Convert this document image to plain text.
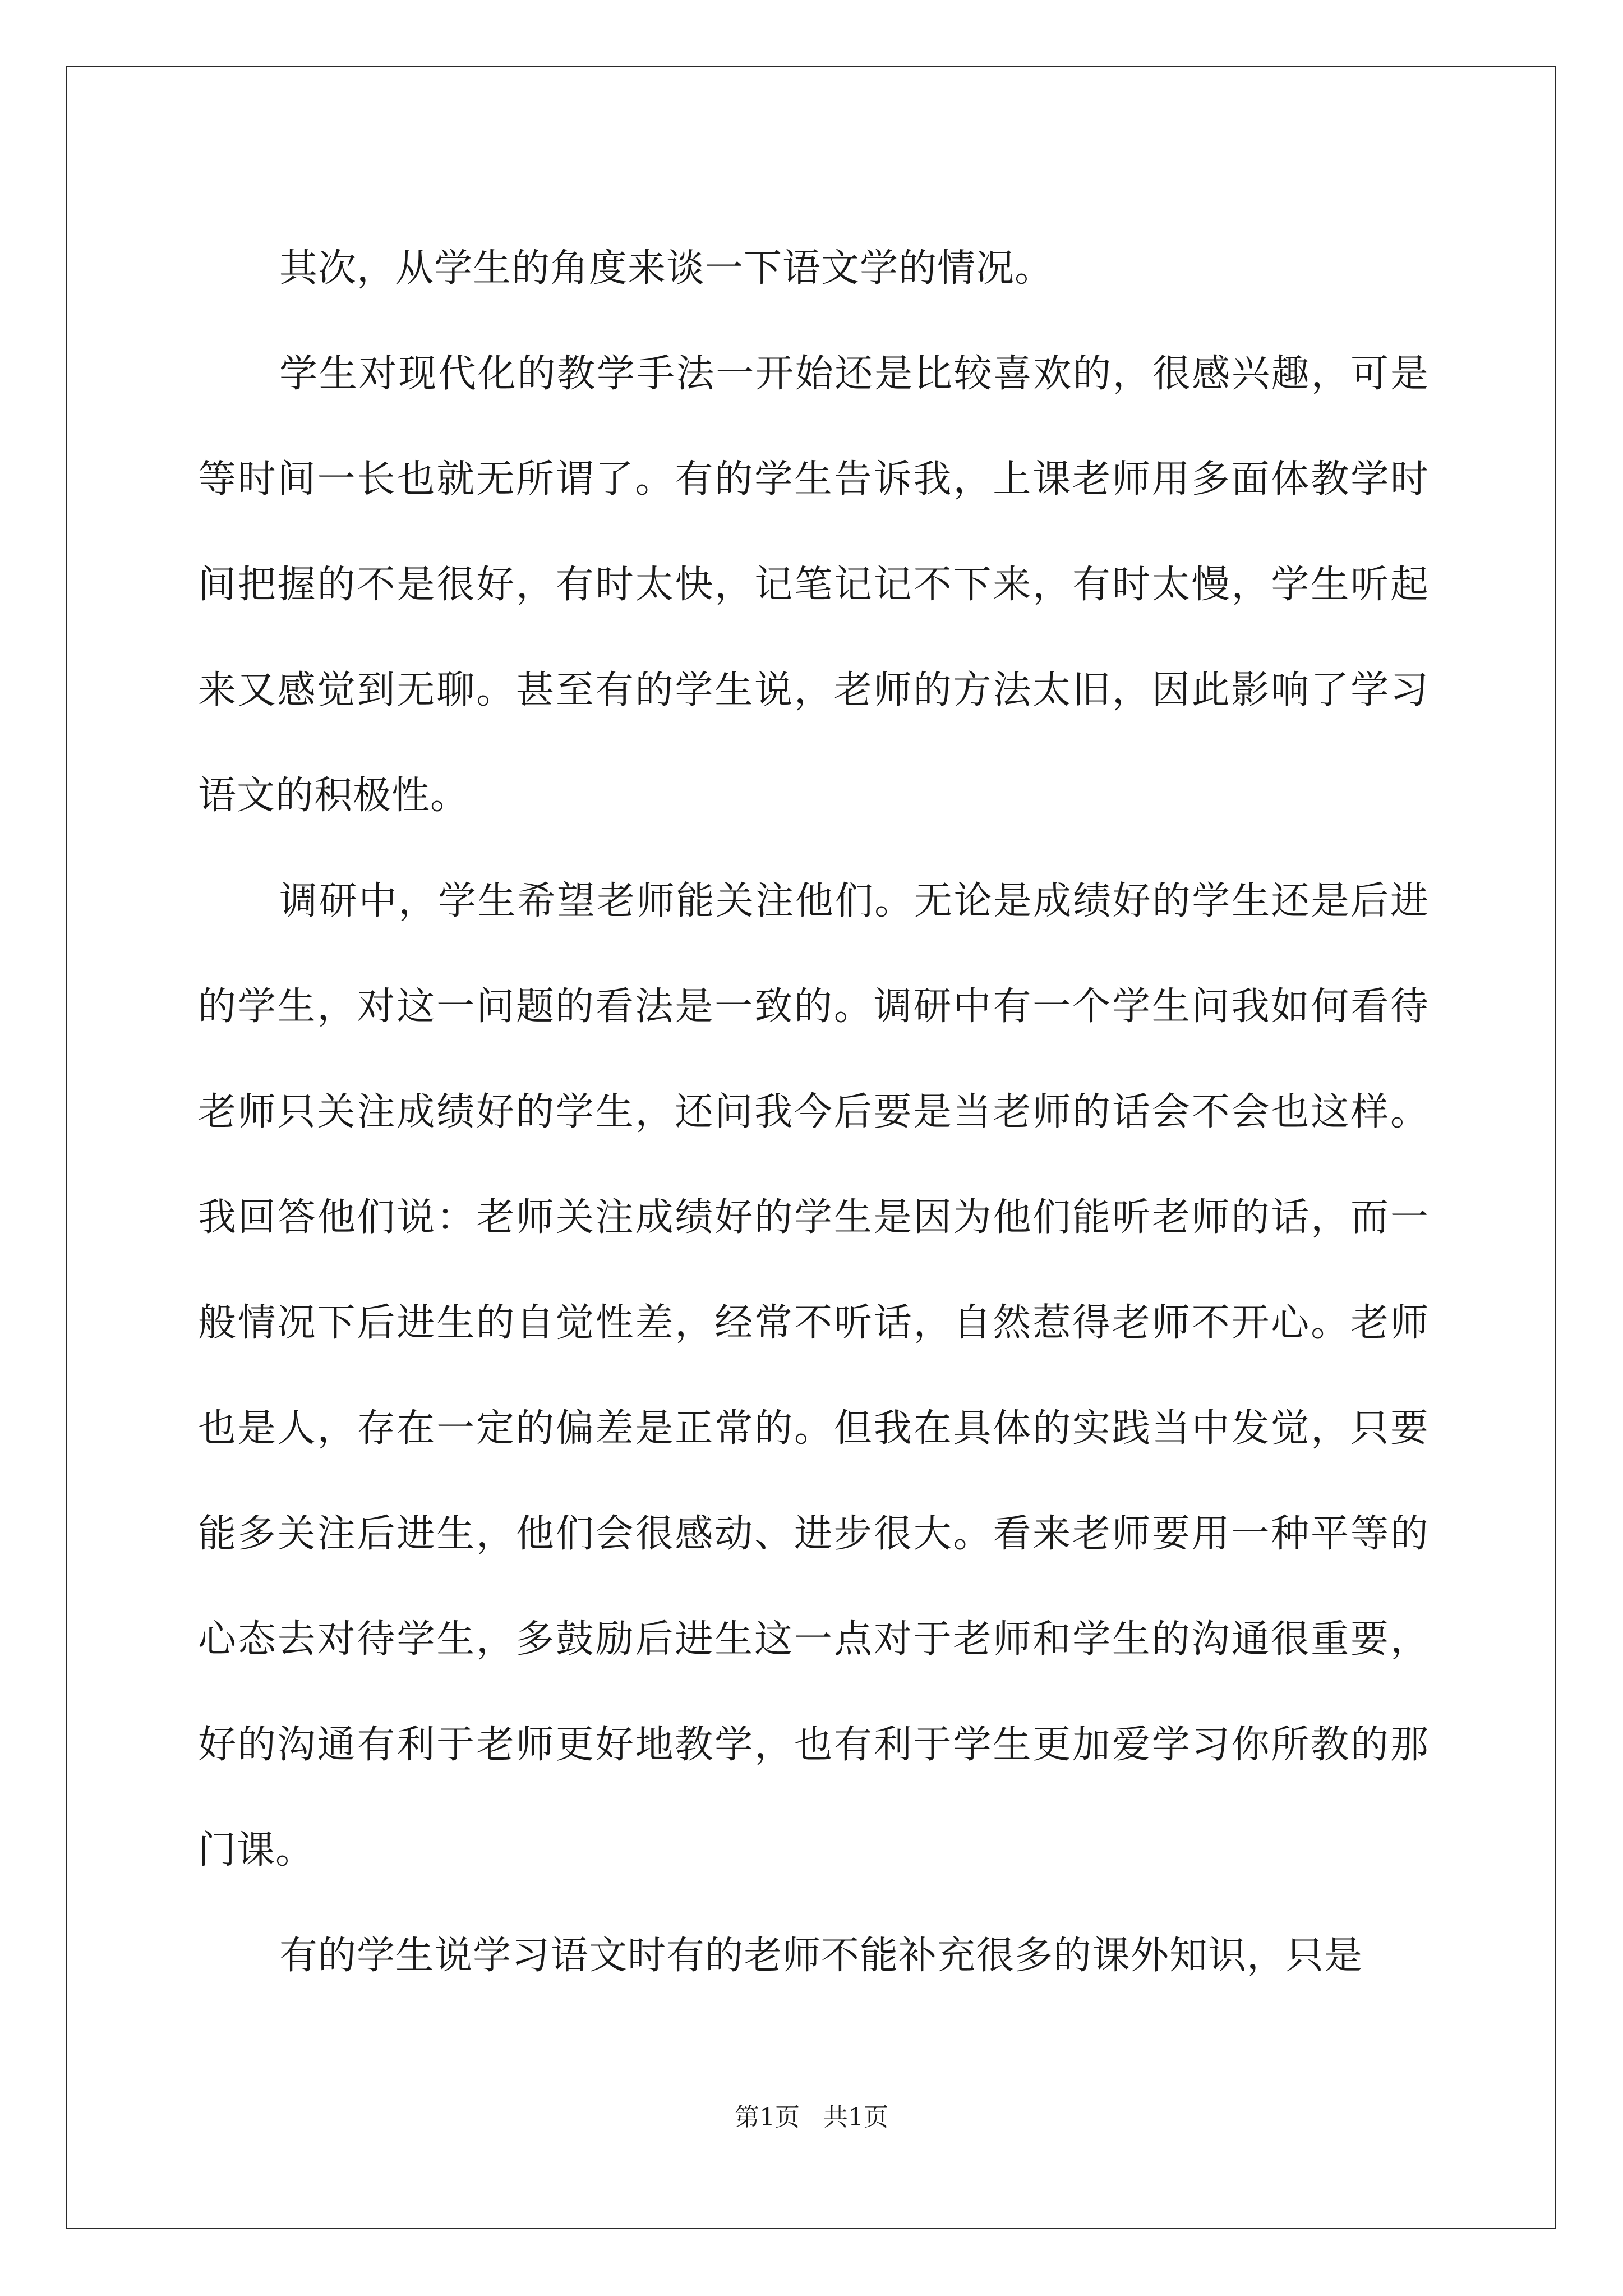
其次，从学生的角度来谈一下语文学的情况。

学生对现代化的教学手法一开始还是比较喜欢的，很感兴趣，可是等时间一长也就无所谓了。有的学生告诉我，上课老师用多面体教学时间把握的不是很好，有时太快，记笔记记不下来，有时太慢，学生听起来又感觉到无聊。甚至有的学生说，老师的方法太旧，因此影响了学习语文的积极性。

调研中，学生希望老师能关注他们。无论是成绩好的学生还是后进的学生，对这一问题的看法是一致的。调研中有一个学生问我如何看待老师只关注成绩好的学生，还问我今后要是当老师的话会不会也这样。我回答他们说：老师关注成绩好的学生是因为他们能听老师的话，而一般情况下后进生的自觉性差，经常不听话，自然惹得老师不开心。老师也是人，存在一定的偏差是正常的。但我在具体的实践当中发觉，只要能多关注后进生，他们会很感动、进步很大。看来老师要用一种平等的心态去对待学生，多鼓励后进生这一点对于老师和学生的沟通很重要，好的沟通有利于老师更好地教学，也有利于学生更加爱学习你所教的那门课。

有的学生说学习语文时有的老师不能补充很多的课外知识，只是

第1页 共1页
